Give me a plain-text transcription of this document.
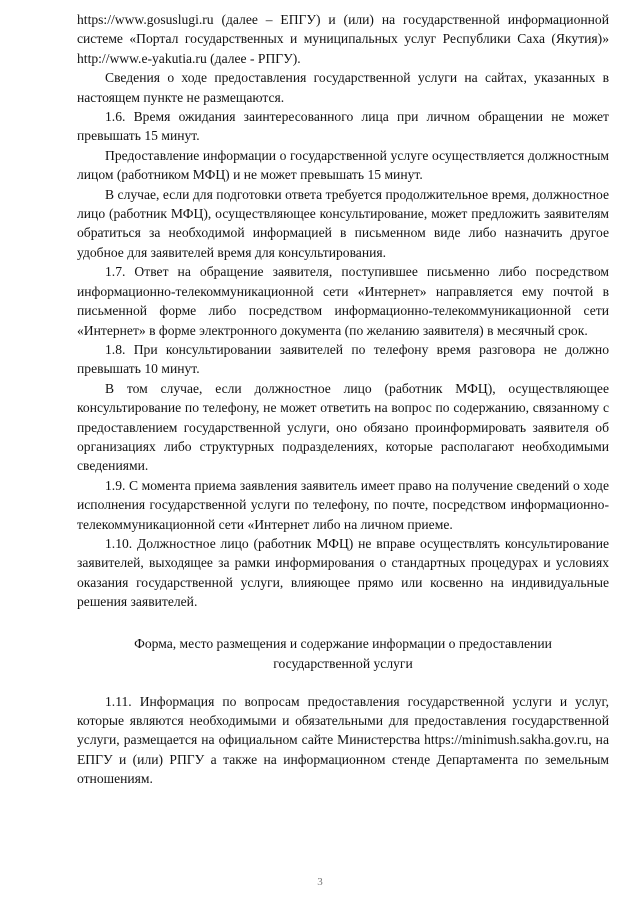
https://www.gosuslugi.ru (далее – ЕПГУ) и (или) на государственной информационной системе «Портал государственных и муниципальных услуг Республики Саха (Якутия)» http://www.e-yakutia.ru (далее - РПГУ).

Сведения о ходе предоставления государственной услуги на сайтах, указанных в настоящем пункте не размещаются.

1.6. Время ожидания заинтересованного лица при личном обращении не может превышать 15 минут.

Предоставление информации о государственной услуге осуществляется должностным лицом (работником МФЦ) и не может превышать 15 минут.

В случае, если для подготовки ответа требуется продолжительное время, должностное лицо (работник МФЦ), осуществляющее консультирование, может предложить заявителям обратиться за необходимой информацией в письменном виде либо назначить другое удобное для заявителей время для консультирования.

1.7. Ответ на обращение заявителя, поступившее письменно либо посредством информационно-телекоммуникационной сети «Интернет» направляется ему почтой в письменной форме либо посредством информационно-телекоммуникационной сети «Интернет» в форме электронного документа (по желанию заявителя) в месячный срок.

1.8. При консультировании заявителей по телефону время разговора не должно превышать 10 минут.

В том случае, если должностное лицо (работник МФЦ), осуществляющее консультирование по телефону, не может ответить на вопрос по содержанию, связанному с предоставлением государственной услуги, оно обязано проинформировать заявителя об организациях либо структурных подразделениях, которые располагают необходимыми сведениями.

1.9. С момента приема заявления заявитель имеет право на получение сведений о ходе исполнения государственной услуги по телефону, по почте, посредством информационно-телекоммуникационной сети «Интернет либо на личном приеме.

1.10. Должностное лицо (работник МФЦ) не вправе осуществлять консультирование заявителей, выходящее за рамки информирования о стандартных процедурах и условиях оказания государственной услуги, влияющее прямо или косвенно на индивидуальные решения заявителей.

Форма, место размещения и содержание информации о предоставлении
государственной услуги

1.11. Информация по вопросам предоставления государственной услуги и услуг, которые являются необходимыми и обязательными для предоставления государственной услуги, размещается на официальном сайте Министерства https://minimush.sakha.gov.ru, на ЕПГУ и (или) РПГУ а также на информационном стенде Департамента по земельным отношениям.

3
